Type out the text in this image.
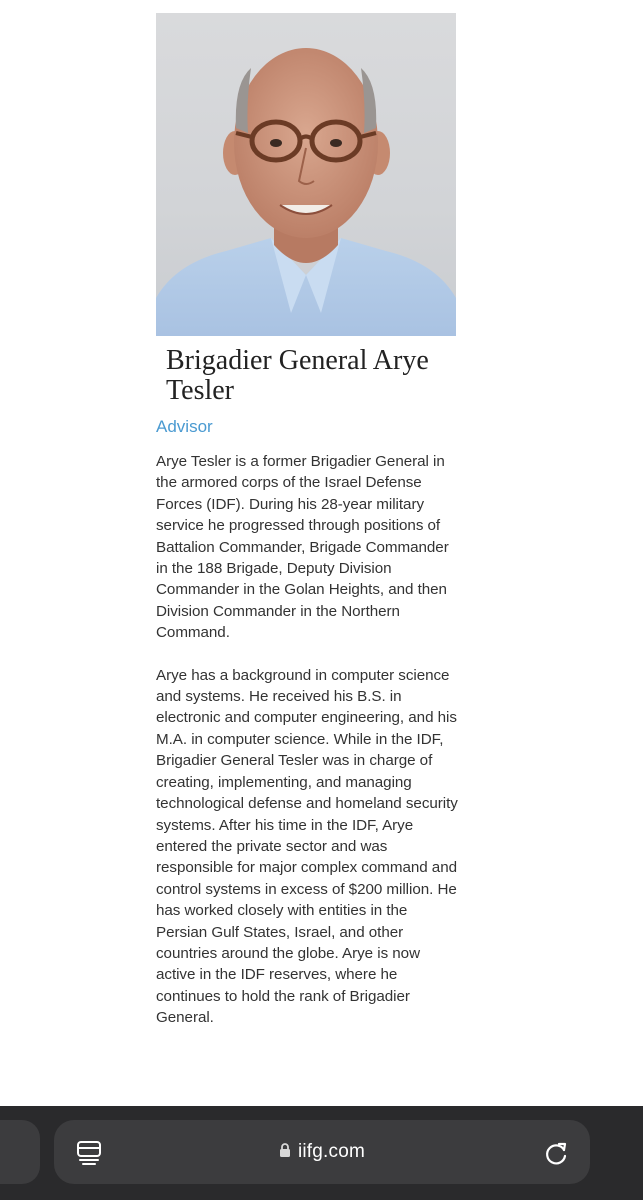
Brigadier General Arye Tesler
Advisor

Arye Tesler is a former Brigadier General in the armored corps of the Israel Defense Forces (IDF). During his 28-year military service he progressed through positions of Battalion Commander, Brigade Commander in the 188 Brigade, Deputy Division Commander in the Golan Heights, and then Division Commander in the Northern Command.

Arye has a background in computer science and systems. He received his B.S. in electronic and computer engineering, and his M.A. in computer science. While in the IDF, Brigadier General Tesler was in charge of creating, implementing, and managing technological defense and homeland security systems. After his time in the IDF, Arye entered the private sector and was responsible for major complex command and control systems in excess of $200 million. He has worked closely with entities in the Persian Gulf States, Israel, and other countries around the globe. Arye is now active in the IDF reserves, where he continues to hold the rank of Brigadier General.

iifg.com
